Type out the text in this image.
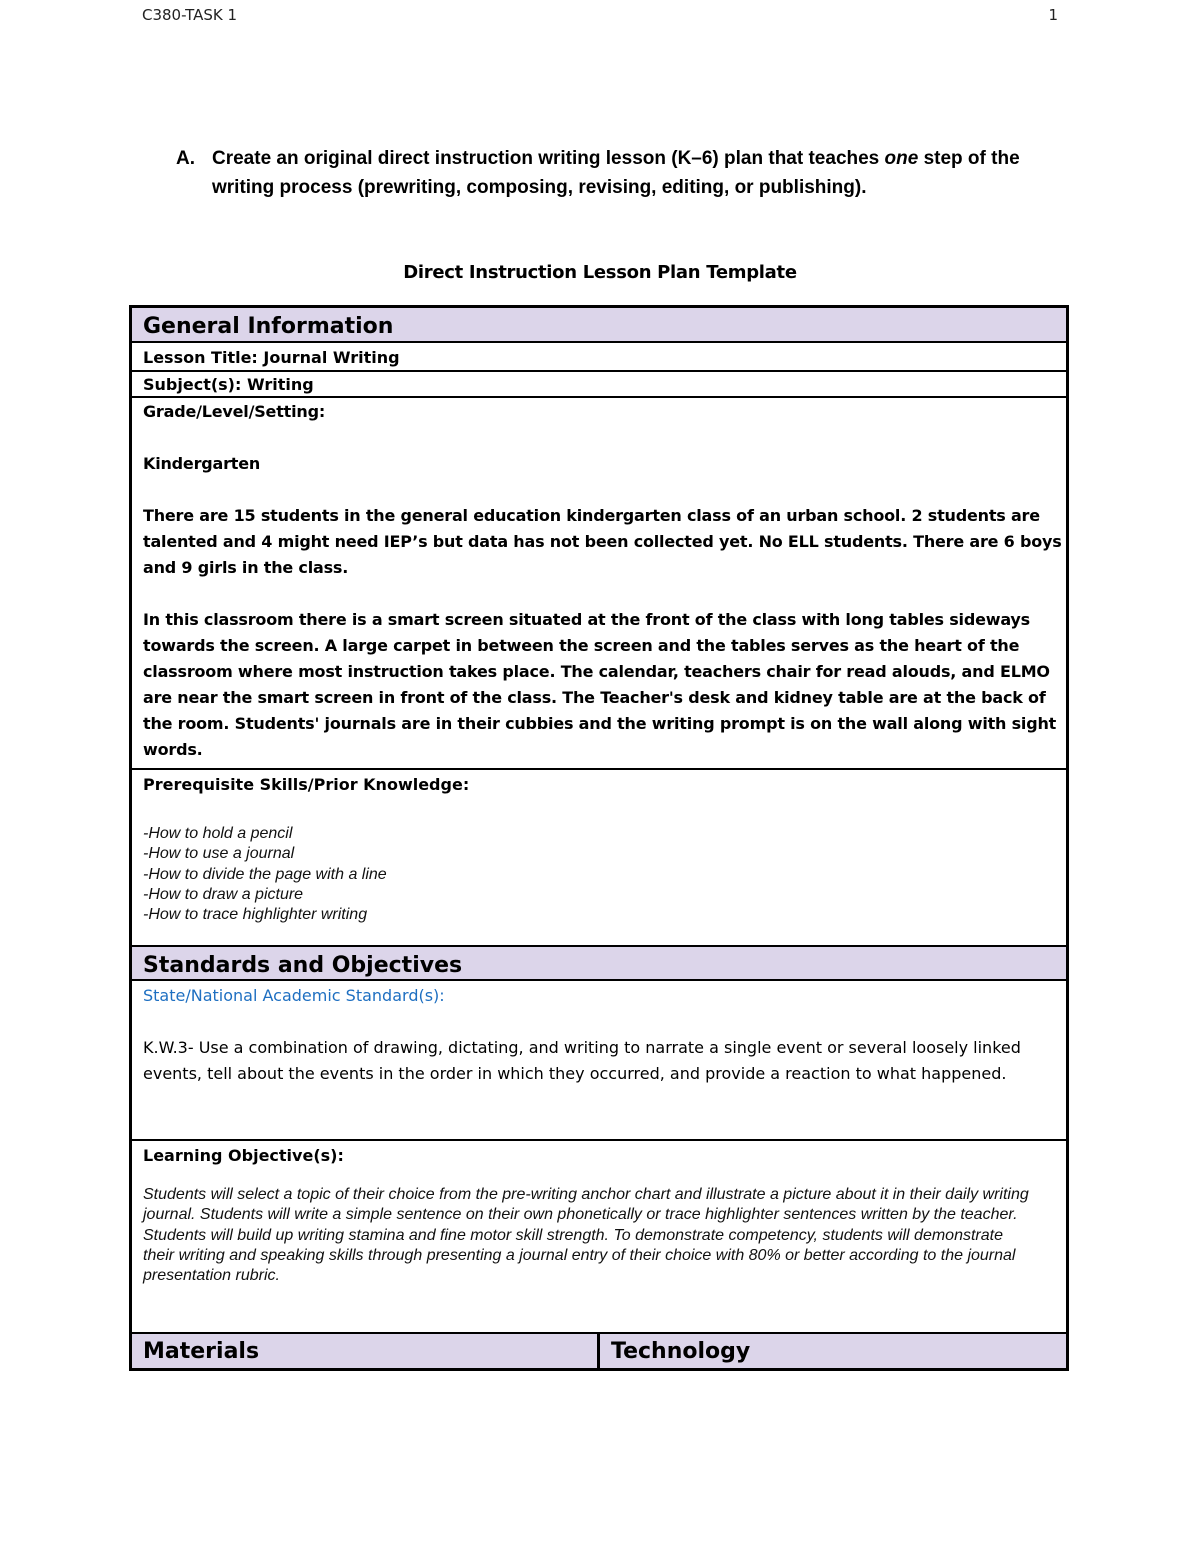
C380-TASK 1	1
A. Create an original direct instruction writing lesson (K–6) plan that teaches one step of the writing process (prewriting, composing, revising, editing, or publishing).
Direct Instruction Lesson Plan Template
General Information
Lesson Title: Journal Writing
Subject(s): Writing

Grade/Level/Setting:

Kindergarten

There are 15 students in the general education kindergarten class of an urban school. 2 students are talented and 4 might need IEP’s but data has not been collected yet. No ELL students. There are 6 boys and 9 girls in the class.

In this classroom there is a smart screen situated at the front of the class with long tables sideways towards the screen. A large carpet in between the screen and the tables serves as the heart of the classroom where most instruction takes place. The calendar, teachers chair for read alouds, and ELMO are near the smart screen in front of the class. The Teacher's desk and kidney table are at the back of the room. Students' journals are in their cubbies and the writing prompt is on the wall along with sight words.

Prerequisite Skills/Prior Knowledge:
-How to hold a pencil
-How to use a journal
-How to divide the page with a line
-How to draw a picture
-How to trace highlighter writing
Standards and Objectives
State/National Academic Standard(s):
K.W.3- Use a combination of drawing, dictating, and writing to narrate a single event or several loosely linked events, tell about the events in the order in which they occurred, and provide a reaction to what happened.
Learning Objective(s):
Students will select a topic of their choice from the pre-writing anchor chart and illustrate a picture about it in their daily writing journal. Students will write a simple sentence on their own phonetically or trace highlighter sentences written by the teacher. Students will build up writing stamina and fine motor skill strength. To demonstrate competency, students will demonstrate their writing and speaking skills through presenting a journal entry of their choice with 80% or better according to the journal presentation rubric.
Materials	Technology
